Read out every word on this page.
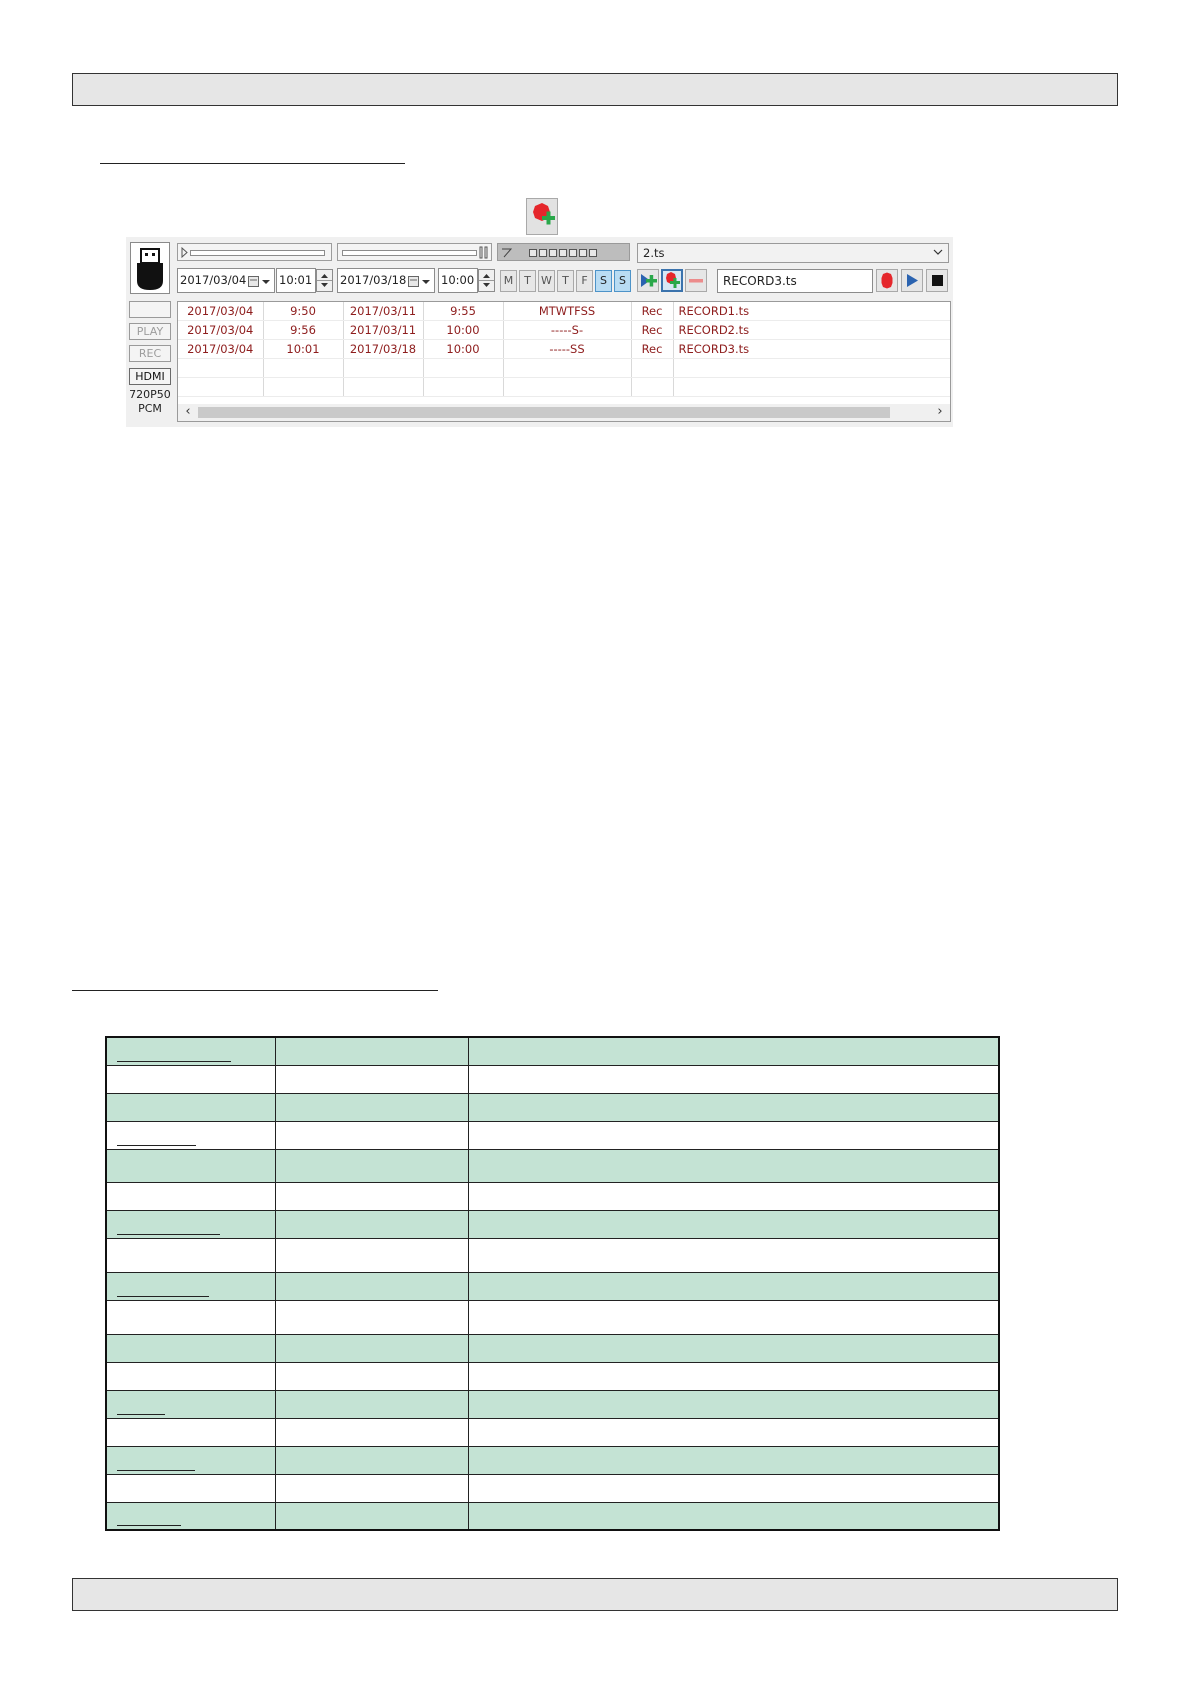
PLAY
REC
HDMI
720P50
PCM
2.ts
2017/03/04	10:01	2017/03/18	10:00	M T W T	F	S	S	RECORD3.ts
2017/03/04	9:50	2017/03/11	9:55	MTWTFSS	Rec	RECORD1.ts
2017/03/04	9:56	2017/03/11	10:00	-----S-	Rec	RECORD2.ts
2017/03/04	10:01	2017/03/18	10:00	-----SS	Rec	RECORD3.ts

‹	›
